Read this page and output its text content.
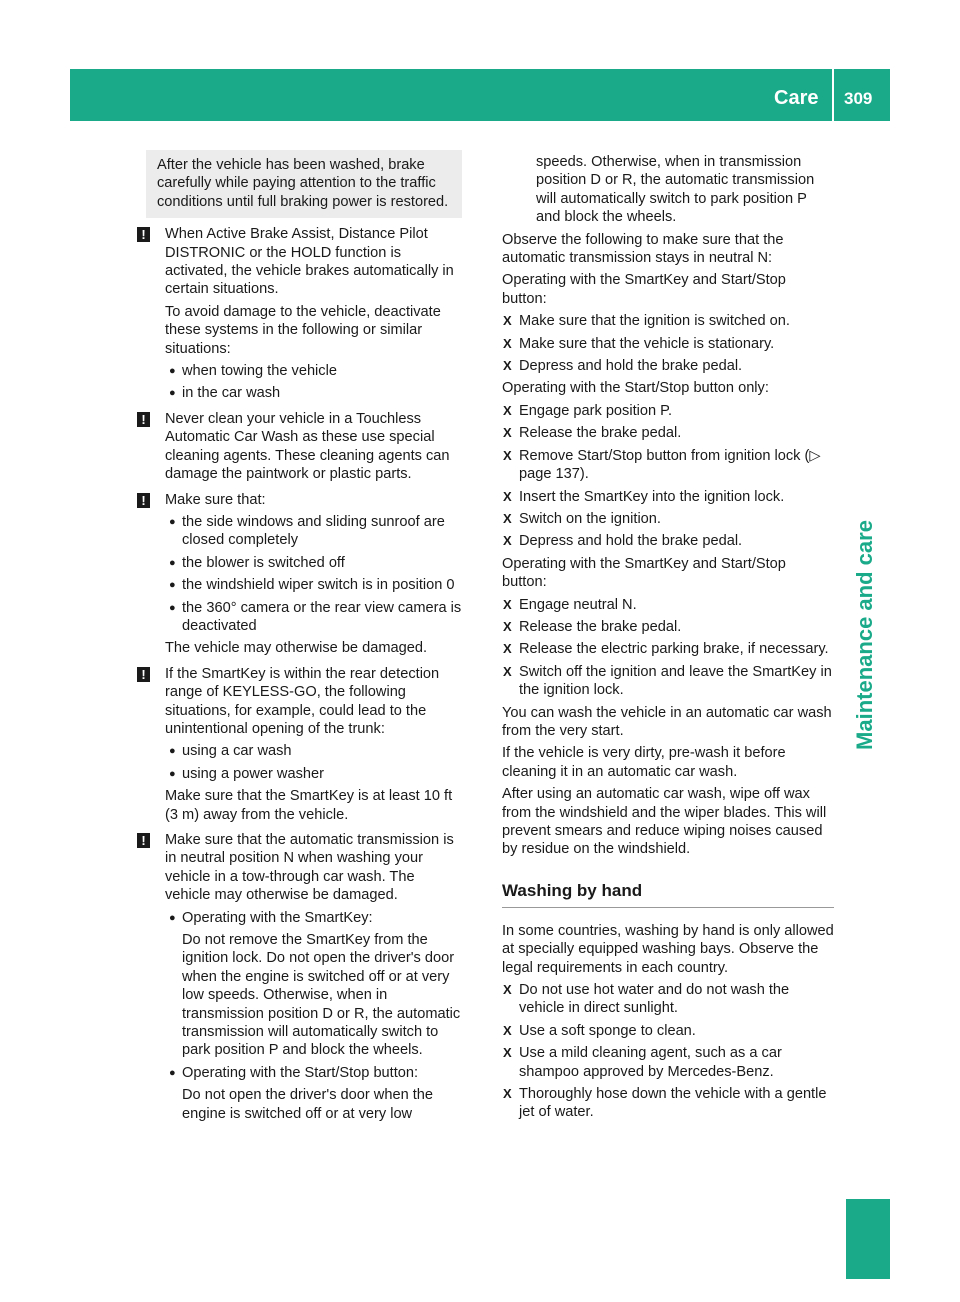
Care 309
Maintenance and care

After the vehicle has been washed, brake carefully while paying attention to the traffic conditions until full braking power is restored.

! When Active Brake Assist, Distance Pilot DISTRONIC or the HOLD function is activated, the vehicle brakes automatically in certain situations.

To avoid damage to the vehicle, deactivate these systems in the following or similar situations:

● when towing the vehicle
● in the car wash
! Never clean your vehicle in a Touchless Automatic Car Wash as these use special cleaning agents. These cleaning agents can damage the paintwork or plastic parts.

! Make sure that:

● the side windows and sliding sunroof are closed completely
● the blower is switched off
● the windshield wiper switch is in position 0
● the 360° camera or the rear view camera is deactivated

The vehicle may otherwise be damaged.

! If the SmartKey is within the rear detection range of KEYLESS-GO, the following situations, for example, could lead to the unintentional opening of the trunk:

● using a car wash
● using a power washer

Make sure that the SmartKey is at least 10 ft (3 m) away from the vehicle.

! Make sure that the automatic transmission is in neutral position N when washing your vehicle in a tow-through car wash. The vehicle may otherwise be damaged.

● Operating with the SmartKey:
Do not remove the SmartKey from the ignition lock. Do not open the driver's door when the engine is switched off or at very low speeds. Otherwise, when in transmission position D or R, the automatic transmission will automatically switch to park position P and block the wheels.
● Operating with the Start/Stop button:
Do not open the driver's door when the engine is switched off or at very low

speeds. Otherwise, when in transmission position D or R, the automatic transmission will automatically switch to park position P and block the wheels.

Observe the following to make sure that the automatic transmission stays in neutral N:

Operating with the SmartKey and Start/Stop button:

X Make sure that the ignition is switched on.
X Make sure that the vehicle is stationary.
X Depress and hold the brake pedal.

Operating with the Start/Stop button only:

X Engage park position P.
X Release the brake pedal.
X Remove Start/Stop button from ignition lock (▷ page 137).
X Insert the SmartKey into the ignition lock.
X Switch on the ignition.
X Depress and hold the brake pedal.

Operating with the SmartKey and Start/Stop button:

X Engage neutral N.
X Release the brake pedal.
X Release the electric parking brake, if necessary.
X Switch off the ignition and leave the SmartKey in the ignition lock.

You can wash the vehicle in an automatic car wash from the very start.

If the vehicle is very dirty, pre-wash it before cleaning it in an automatic car wash.

After using an automatic car wash, wipe off wax from the windshield and the wiper blades. This will prevent smears and reduce wiping noises caused by residue on the windshield.

Washing by hand

In some countries, washing by hand is only allowed at specially equipped washing bays. Observe the legal requirements in each country.

X Do not use hot water and do not wash the vehicle in direct sunlight.
X Use a soft sponge to clean.
X Use a mild cleaning agent, such as a car shampoo approved by Mercedes-Benz.
X Thoroughly hose down the vehicle with a gentle jet of water.
